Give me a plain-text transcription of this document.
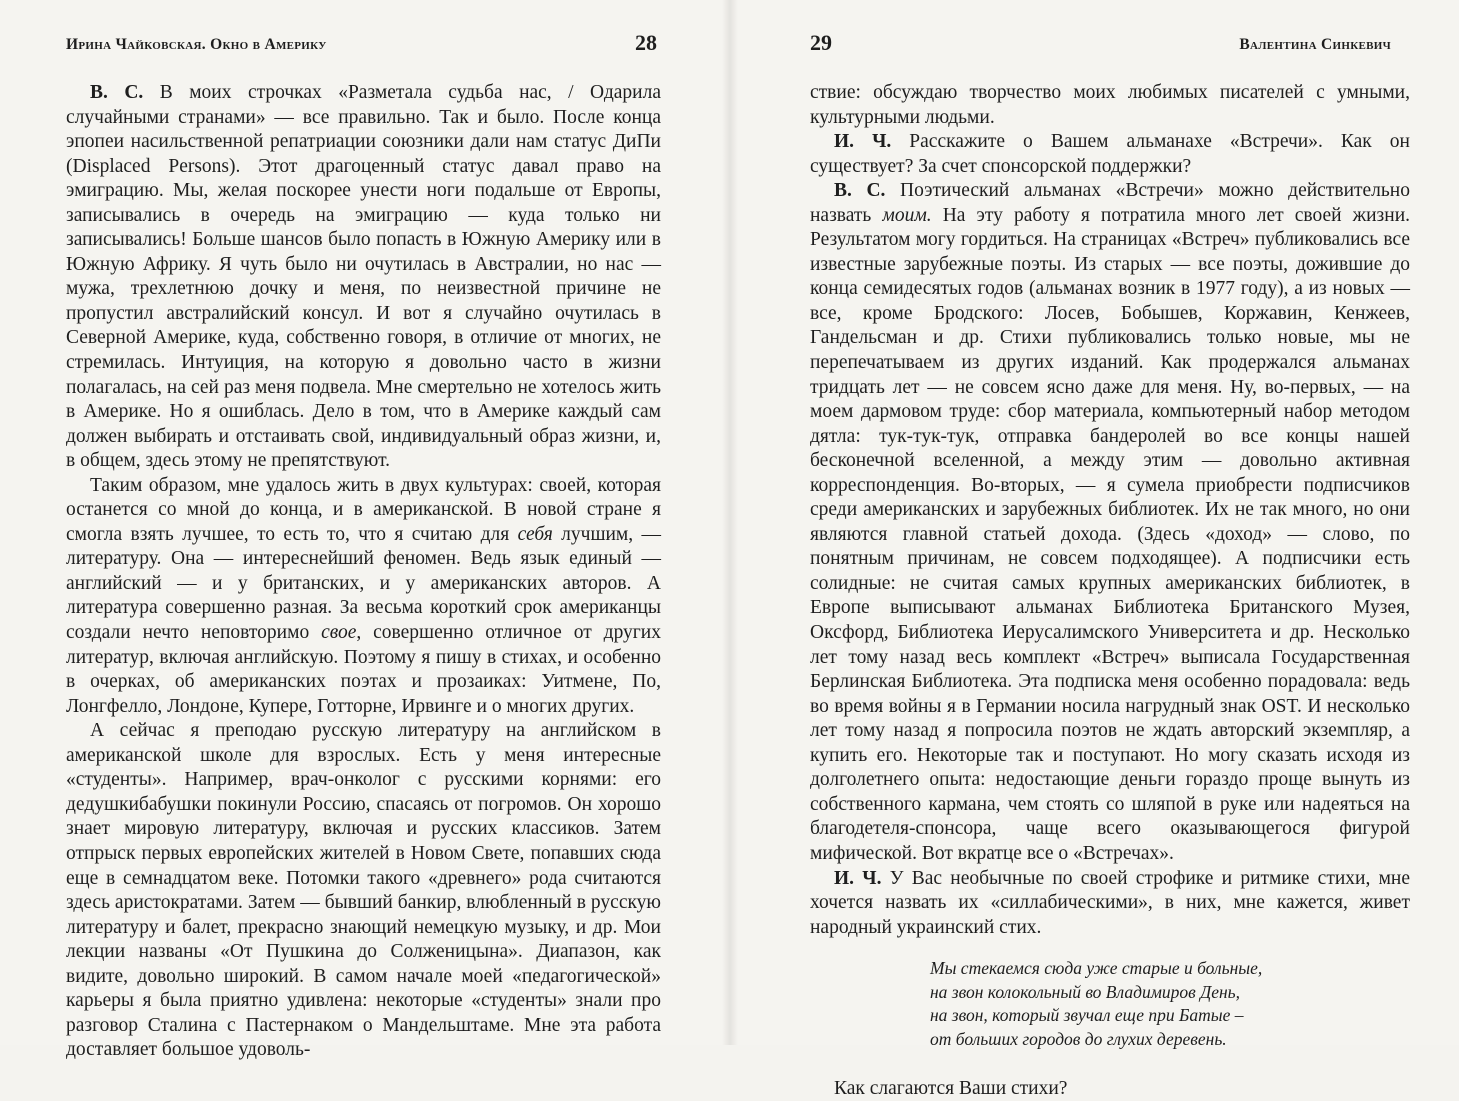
Ирина Чайковская. Окно в Америку	28

В. С. В моих строчках «Разметала судьба нас, / Одарила случайными странами» — все правильно. Так и было. После конца эпопеи насильственной репатриации союзники дали нам статус ДиПи (Displaced Persons). Этот драгоценный статус давал право на эмиграцию. Мы, желая поскорее унести ноги подальше от Европы, записывались в очередь на эмиграцию — куда только ни записывались! Больше шансов было попасть в Южную Америку или в Южную Африку. Я чуть было ни очутилась в Австралии, но нас — мужа, трехлетнюю дочку и меня, по неизвестной причине не пропустил австралийский консул. И вот я случайно очутилась в Северной Америке, куда, собственно говоря, в отличие от многих, не стремилась. Интуиция, на которую я довольно часто в жизни полагалась, на сей раз меня подвела. Мне смертельно не хотелось жить в Америке. Но я ошиблась. Дело в том, что в Америке каждый сам должен выбирать и отстаивать свой, индивидуальный образ жизни, и, в общем, здесь этому не препятствуют.

Таким образом, мне удалось жить в двух культурах: своей, которая останется со мной до конца, и в американской. В новой стране я смогла взять лучшее, то есть то, что я считаю для себя лучшим, — литературу. Она — интереснейший феномен. Ведь язык единый — английский — и у британских, и у американских авторов. А литература совершенно разная. За весьма короткий срок американцы создали нечто неповторимо свое, совершенно отличное от других литератур, включая английскую. Поэтому я пишу в стихах, и особенно в очерках, об американских поэтах и прозаиках: Уитмене, По, Лонгфелло, Лондоне, Купере, Готторне, Ирвинге и о многих других.

А сейчас я преподаю русскую литературу на английском в американской школе для взрослых. Есть у меня интересные «студенты». Например, врач-онколог с русскими корнями: его дедушкибабушки покинули Россию, спасаясь от погромов. Он хорошо знает мировую литературу, включая и русских классиков. Затем отпрыск первых европейских жителей в Новом Свете, попавших сюда еще в семнадцатом веке. Потомки такого «древнего» рода считаются здесь аристократами. Затем — бывший банкир, влюбленный в русскую литературу и балет, прекрасно знающий немецкую музыку, и др. Мои лекции названы «От Пушкина до Солженицына». Диапазон, как видите, довольно широкий. В самом начале моей «педагогической» карьеры я была приятно удивлена: некоторые «студенты» знали про разговор Сталина с Пастернаком о Мандельштаме. Мне эта работа доставляет большое удоволь-

29	Валентина Синкевич

ствие: обсуждаю творчество моих любимых писателей с умными, культурными людьми.

И. Ч. Расскажите о Вашем альманахе «Встречи». Как он существует? За счет спонсорской поддержки?

В. С. Поэтический альманах «Встречи» можно действительно назвать моим. На эту работу я потратила много лет своей жизни. Результатом могу гордиться. На страницах «Встреч» публиковались все известные зарубежные поэты. Из старых — все поэты, дожившие до конца семидесятых годов (альманах возник в 1977 году), а из новых — все, кроме Бродского: Лосев, Бобышев, Коржавин, Кенжеев, Гандельсман и др. Стихи публиковались только новые, мы не перепечатываем из других изданий. Как продержался альманах тридцать лет — не совсем ясно даже для меня. Ну, во-первых, — на моем дармовом труде: сбор материала, компьютерный набор методом дятла: тук-тук-тук, отправка бандеролей во все концы нашей бесконечной вселенной, а между этим — довольно активная корреспонденция. Во-вторых, — я сумела приобрести подписчиков среди американских и зарубежных библиотек. Их не так много, но они являются главной статьей дохода. (Здесь «доход» — слово, по понятным причинам, не совсем подходящее). А подписчики есть солидные: не считая самых крупных американских библиотек, в Европе выписывают альманах Библиотека Британского Музея, Оксфорд, Библиотека Иерусалимского Университета и др. Несколько лет тому назад весь комплект «Встреч» выписала Государственная Берлинская Библиотека. Эта подписка меня особенно порадовала: ведь во время войны я в Германии носила нагрудный знак OST. И несколько лет тому назад я попросила поэтов не ждать авторский экземпляр, а купить его. Некоторые так и поступают. Но могу сказать исходя из долголетнего опыта: недостающие деньги гораздо проще вынуть из собственного кармана, чем стоять со шляпой в руке или надеяться на благодетеля-спонсора, чаще всего оказывающегося фигурой мифической. Вот вкратце все о «Встречах».

И. Ч. У Вас необычные по своей строфике и ритмике стихи, мне хочется назвать их «силлабическими», в них, мне кажется, живет народный украинский стих.

Мы стекаемся сюда уже старые и больные,
на звон колокольный во Владимиров День,
на звон, который звучал еще при Батые –
от больших городов до глухих деревень.

Как слагаются Ваши стихи?
